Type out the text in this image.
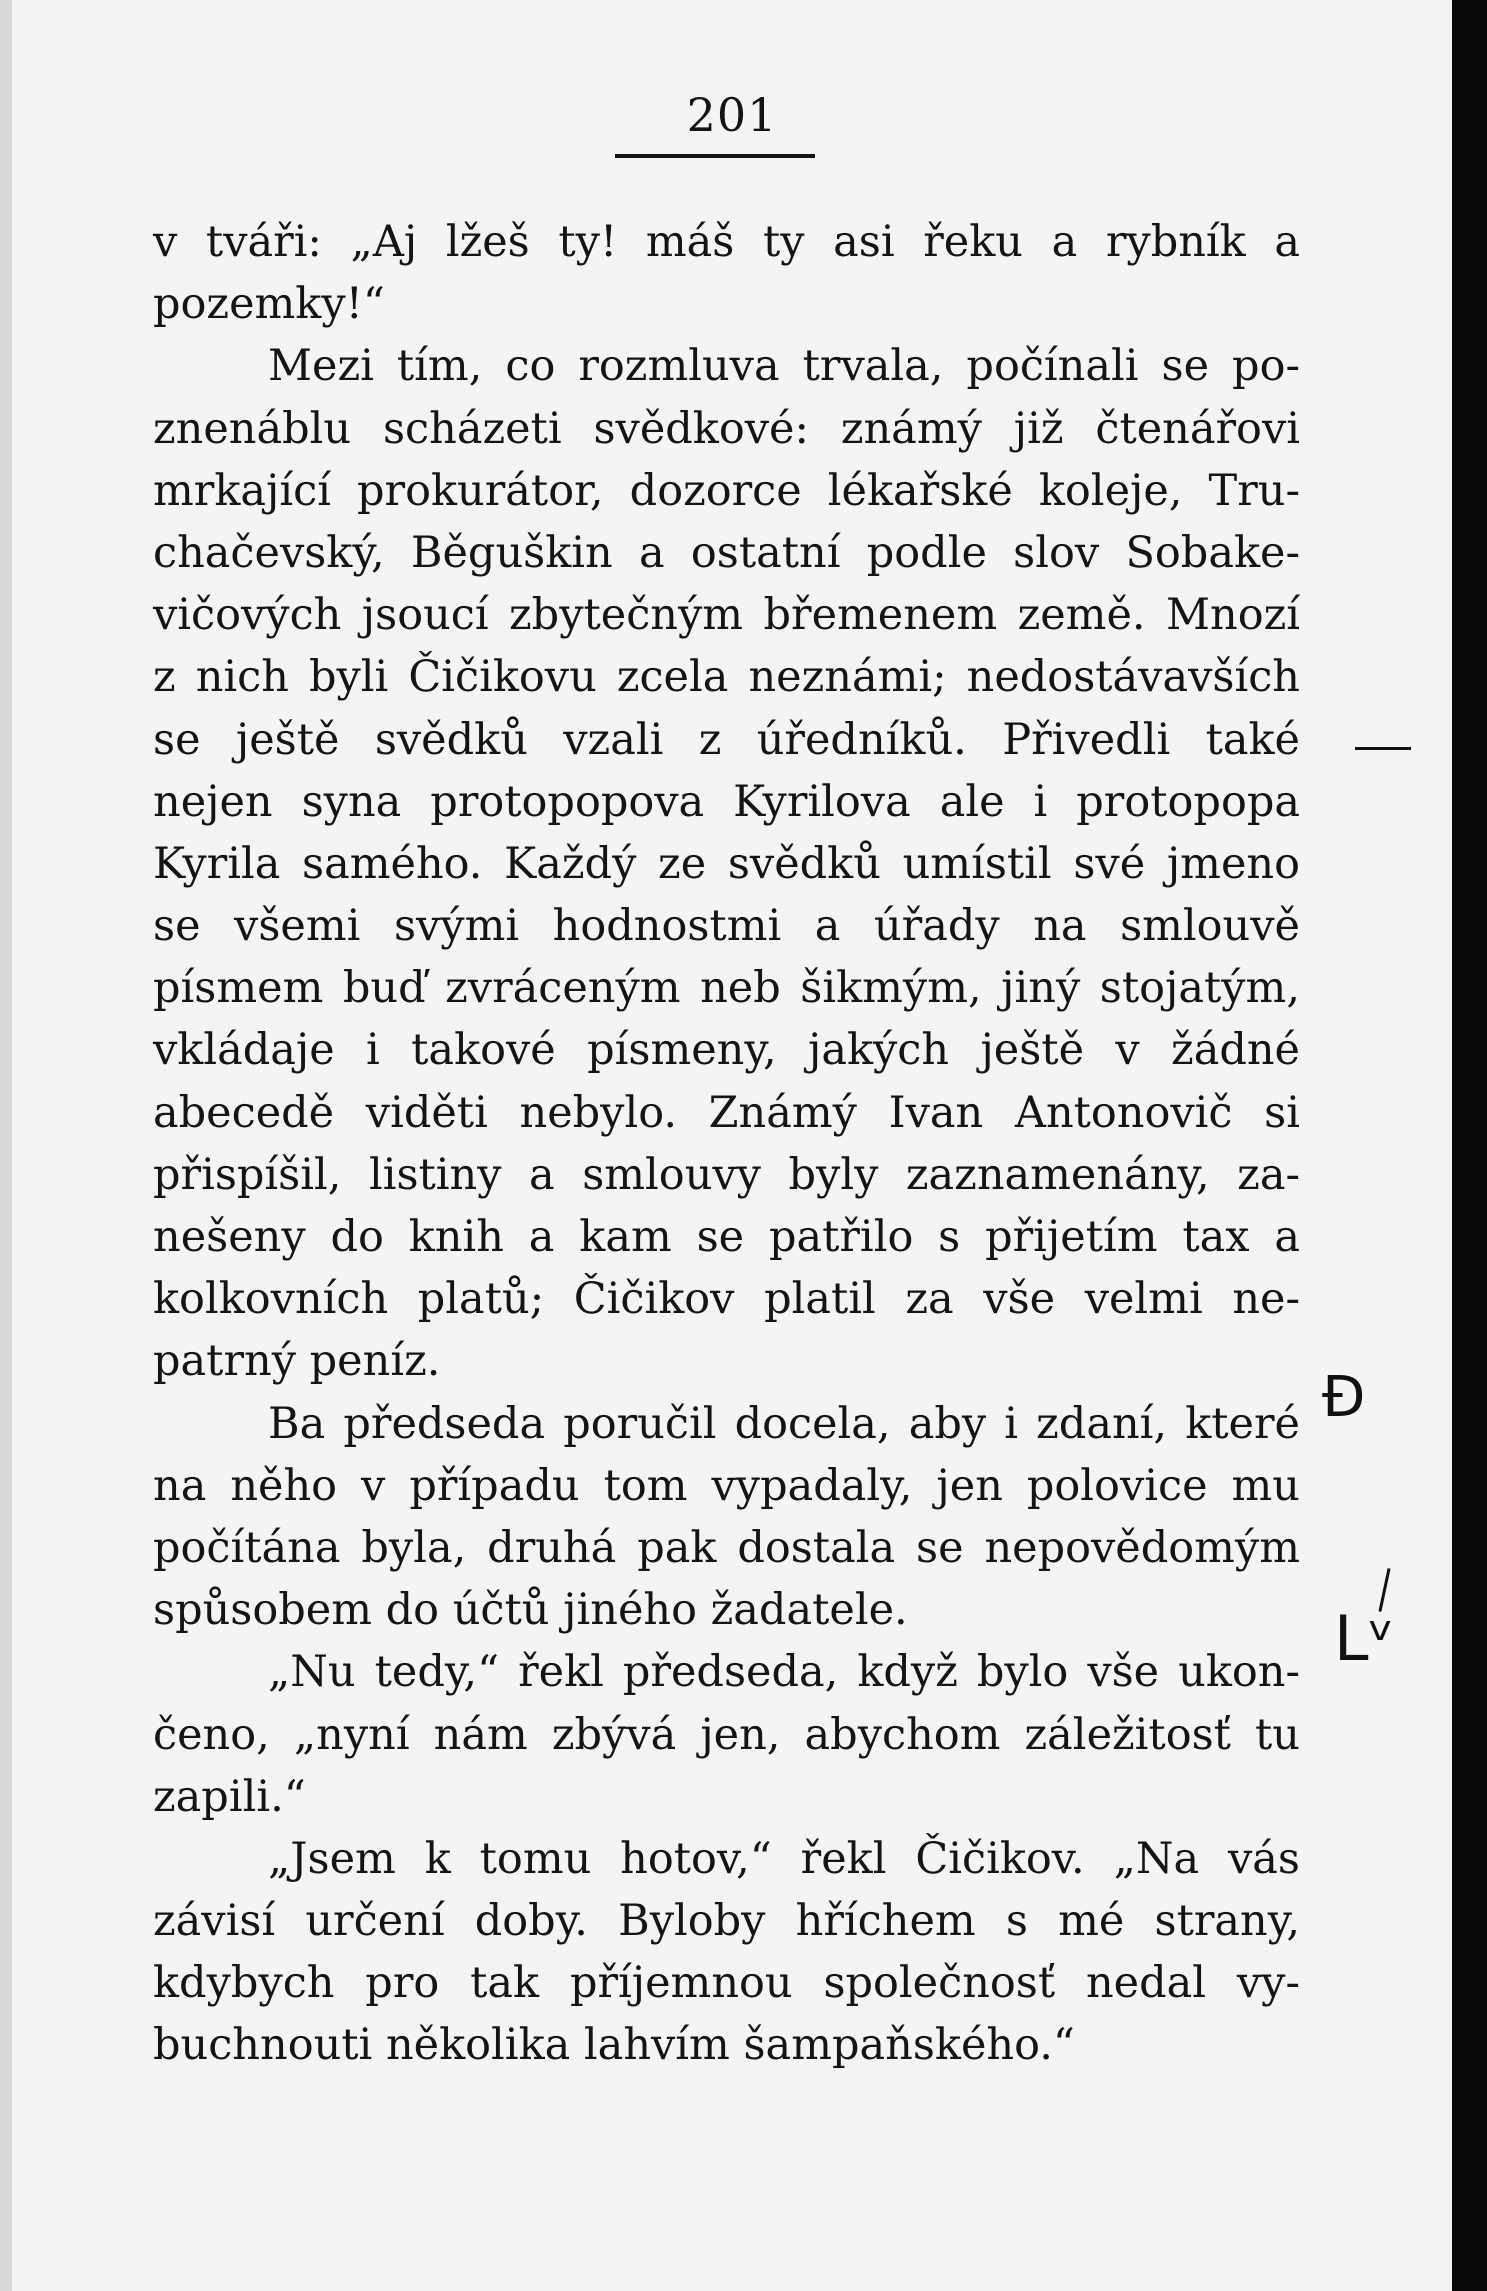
201
v tváři: „Aj lžeš ty! máš ty asi řeku a rybník a
pozemky!“
Mezi tím, co rozmluva trvala, počínali se po-
znenáblu scházeti svědkové: známý již čtenářovi
mrkající prokurátor, dozorce lékařské koleje, Tru-
chačevský, Běguškin a ostatní podle slov Sobake-
vičových jsoucí zbytečným břemenem země. Mnozí
z nich byli Čičikovu zcela neznámi; nedostávavších
se ještě svědků vzali z úředníků. Přivedli také
nejen syna protopopova Kyrilova ale i protopopa
Kyrila samého. Každý ze svědků umístil své jmeno
se všemi svými hodnostmi a úřady na smlouvě
písmem buď zvráceným neb šikmým, jiný stojatým,
vkládaje i takové písmeny, jakých ještě v žádné
abecedě viděti nebylo. Známý Ivan Antonovič si
přispíšil, listiny a smlouvy byly zaznamenány, za-
nešeny do knih a kam se patřilo s přijetím tax a
kolkovních platů; Čičikov platil za vše velmi ne-
patrný peníz.
Ba předseda poručil docela, aby i zdaní, které
na něho v případu tom vypadaly, jen polovice mu
počítána byla, druhá pak dostala se nepovědomým
spůsobem do účtů jiného žadatele.
„Nu tedy,“ řekl předseda, když bylo vše ukon-
čeno, „nyní nám zbývá jen, abychom záležitosť tu
zapili.“
„Jsem k tomu hotov,“ řekl Čičikov. „Na vás
závisí určení doby. Byloby hříchem s mé strany,
kdybych pro tak příjemnou společnosť nedal vy-
buchnouti několika lahvím šampaňského.“
Ð
Lᵛ
